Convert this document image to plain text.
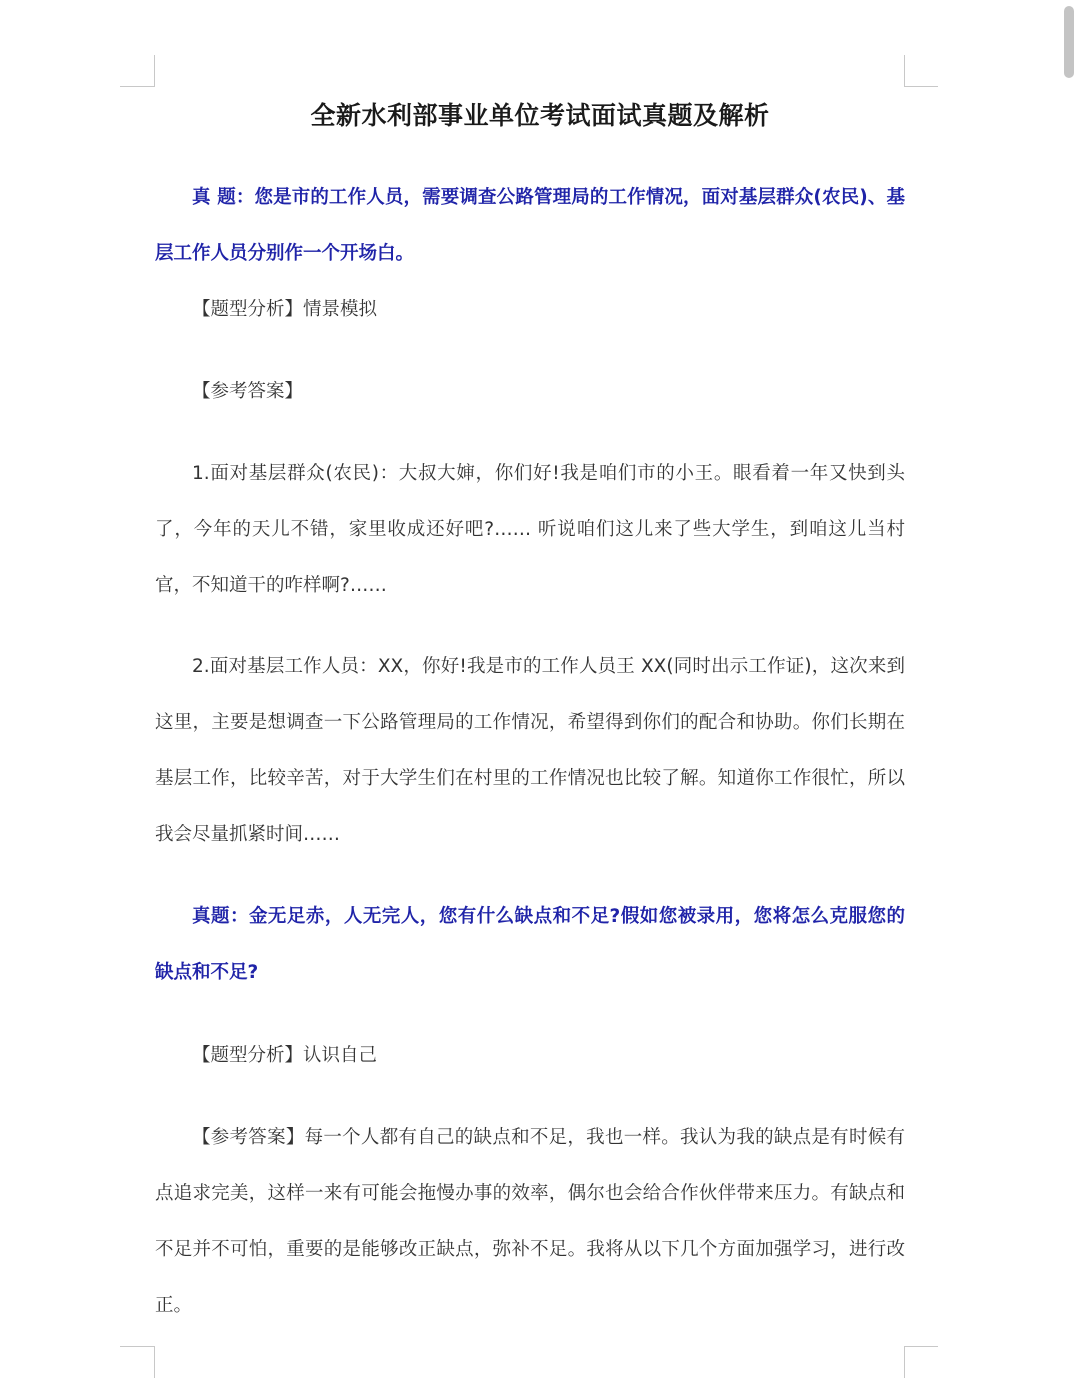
全新水利部事业单位考试面试真题及解析

真 题：您是市的工作人员，需要调查公路管理局的工作情况，面对基层群众(农民)、基层工作人员分别作一个开场白。

【题型分析】情景模拟

【参考答案】

1.面对基层群众(农民)：大叔大婶，你们好!我是咱们市的小王。眼看着一年又快到头了，今年的天儿不错，家里收成还好吧?…… 听说咱们这儿来了些大学生，到咱这儿当村官，不知道干的咋样啊?……

2.面对基层工作人员：XX，你好!我是市的工作人员王 XX(同时出示工作证)，这次来到这里，主要是想调查一下公路管理局的工作情况，希望得到你们的配合和协助。你们长期在基层工作，比较辛苦，对于大学生们在村里的工作情况也比较了解。知道你工作很忙，所以我会尽量抓紧时间……

真题：金无足赤，人无完人，您有什么缺点和不足?假如您被录用，您将怎么克服您的缺点和不足?

【题型分析】认识自己

【参考答案】每一个人都有自己的缺点和不足，我也一样。我认为我的缺点是有时候有点追求完美，这样一来有可能会拖慢办事的效率，偶尔也会给合作伙伴带来压力。有缺点和不足并不可怕，重要的是能够改正缺点，弥补不足。我将从以下几个方面加强学习，进行改正。
